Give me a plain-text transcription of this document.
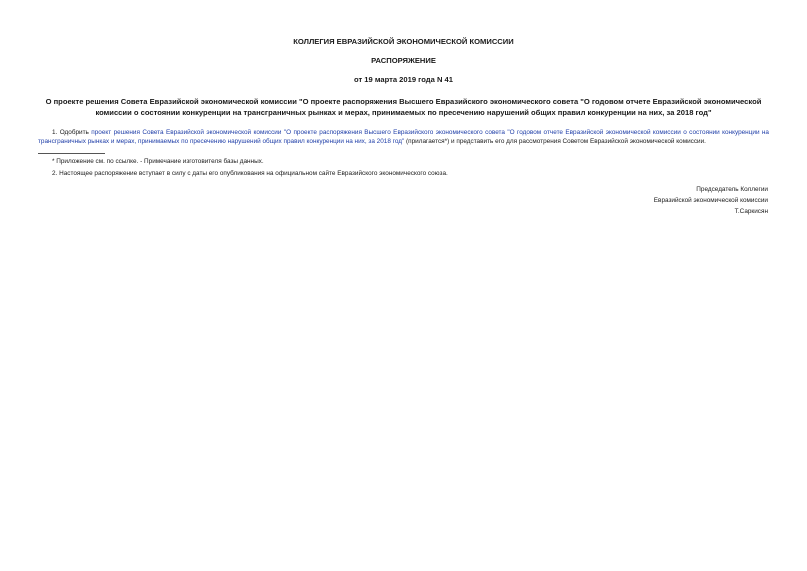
КОЛЛЕГИЯ ЕВРАЗИЙСКОЙ ЭКОНОМИЧЕСКОЙ КОМИССИИ
РАСПОРЯЖЕНИЕ
от 19 марта 2019 года N 41
О проекте решения Совета Евразийской экономической комиссии "О проекте распоряжения Высшего Евразийского экономического совета "О годовом отчете Евразийской экономической комиссии о состоянии конкуренции на трансграничных рынках и мерах, принимаемых по пресечению нарушений общих правил конкуренции на них, за 2018 год"
1. Одобрить проект решения Совета Евразийской экономической комиссии "О проекте распоряжения Высшего Евразийского экономического совета "О годовом отчете Евразийской экономической комиссии о состоянии конкуренции на трансграничных рынках и мерах, принимаемых по пресечению нарушений общих правил конкуренции на них, за 2018 год" (прилагается*) и представить его для рассмотрения Советом Евразийской экономической комиссии.
* Приложение см. по ссылке. - Примечание изготовителя базы данных.
2. Настоящее распоряжение вступает в силу с даты его опубликования на официальном сайте Евразийского экономического союза.
Председатель Коллегии
Евразийской экономической комиссии
Т.Саркисян
